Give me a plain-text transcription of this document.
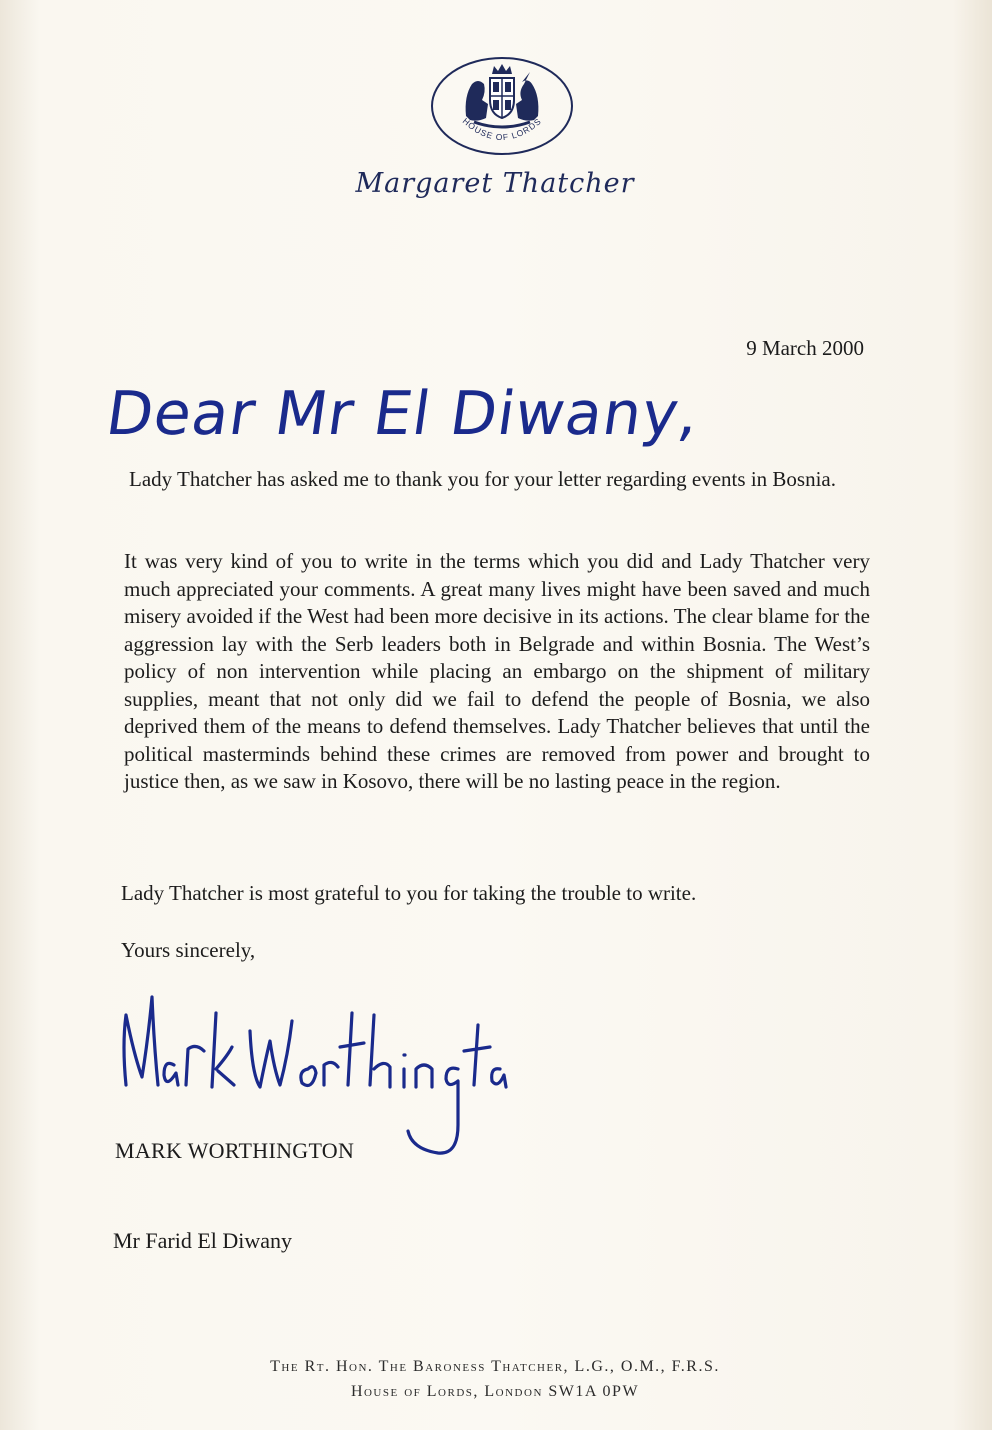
HOUSE OF LORDS
Margaret Thatcher
9 March 2000
Dear Mr El Diwany,
Lady Thatcher has asked me to thank you for your letter regarding events in Bosnia.
It was very kind of you to write in the terms which you did and Lady Thatcher very much appreciated your comments. A great many lives might have been saved and much misery avoided if the West had been more decisive in its actions. The clear blame for the aggression lay with the Serb leaders both in Belgrade and within Bosnia. The West’s policy of non intervention while placing an embargo on the shipment of military supplies, meant that not only did we fail to defend the people of Bosnia, we also deprived them of the means to defend themselves. Lady Thatcher believes that until the political masterminds behind these crimes are removed from power and brought to justice then, as we saw in Kosovo, there will be no lasting peace in the region.
Lady Thatcher is most grateful to you for taking the trouble to write.
Yours sincerely,
MARK WORTHINGTON
Mr Farid El Diwany
The Rt. Hon. The Baroness Thatcher, L.G., O.M., F.R.S.
House of Lords, London SW1A 0PW
